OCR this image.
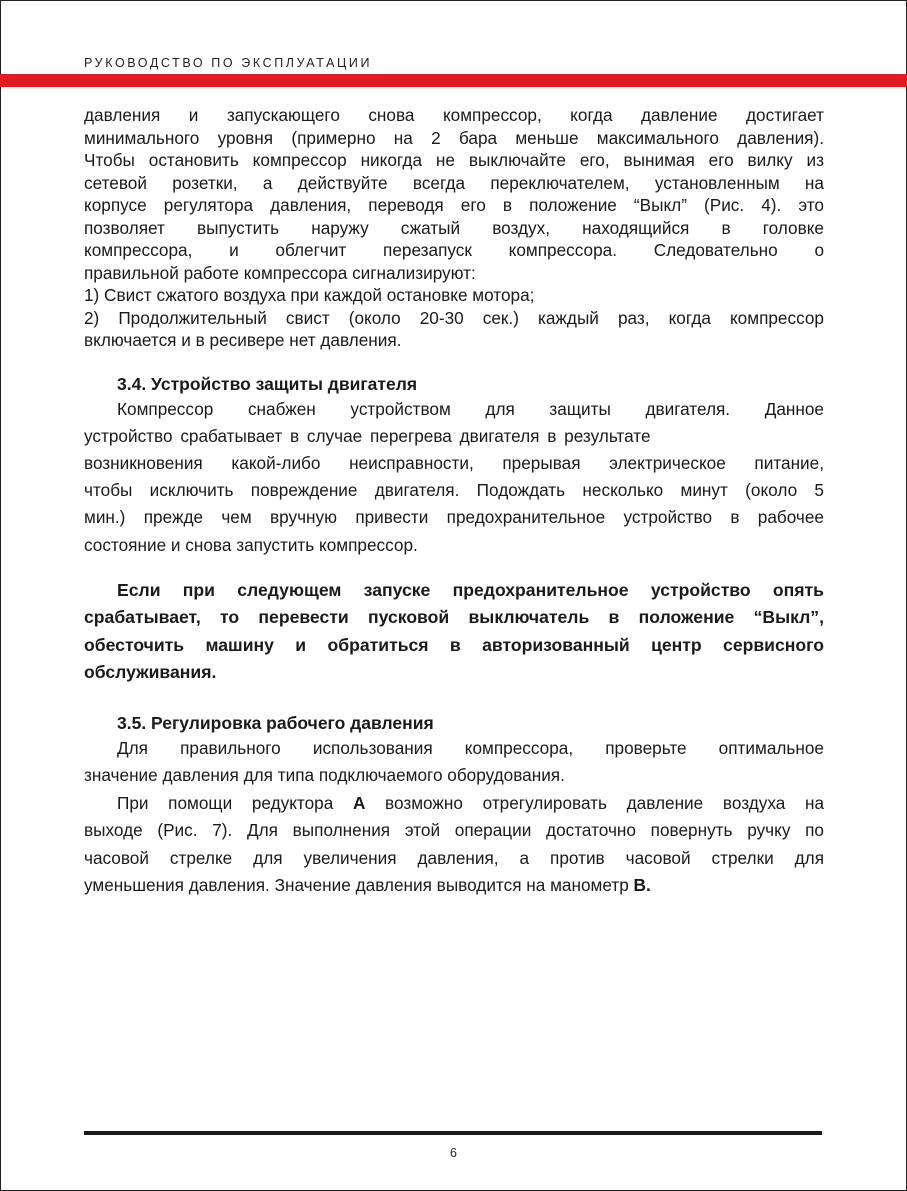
РУКОВОДСТВО ПО ЭКСПЛУАТАЦИИ

давления и запускающего снова компрессор, когда давление достигает
минимального уровня (примерно на 2 бара меньше максимального давления).
Чтобы остановить компрессор никогда не выключайте его, вынимая его вилку из
сетевой розетки, а действуйте всегда переключателем, установленным на
корпусе регулятора давления, переводя его в положение “Выкл” (Рис. 4). это
позволяет выпустить наружу сжатый воздух, находящийся в головке
компрессора, и облегчит перезапуск компрессора. Следовательно о
правильной работе компрессора сигнализируют:
1) Свист сжатого воздуха при каждой остановке мотора;
2) Продолжительный свист (около 20-30 сек.) каждый раз, когда компрессор
включается и в ресивере нет давления.

3.4. Устройство защиты двигателя

Компрессор снабжен устройством для защиты двигателя. Данное
устройство срабатывает в случае перегрева двигателя в результате
возникновения какой-либо неисправности, прерывая электрическое питание,
чтобы исключить повреждение двигателя. Подождать несколько минут (около 5
мин.) прежде чем вручную привести предохранительное устройство в рабочее
состояние и снова запустить компрессор.

Если при следующем запуске предохранительное устройство опять
срабатывает, то перевести пусковой выключатель в положение “Выкл”,
обесточить машину и обратиться в авторизованный центр сервисного
обслуживания.

3.5. Регулировка рабочего давления

Для правильного использования компрессора, проверьте оптимальное
значение давления для типа подключаемого оборудования.

При помощи редуктора А возможно отрегулировать давление воздуха на
выходе (Рис. 7). Для выполнения этой операции достаточно повернуть ручку по
часовой стрелке для увеличения давления, а против часовой стрелки для
уменьшения давления. Значение давления выводится на манометр В.

6
